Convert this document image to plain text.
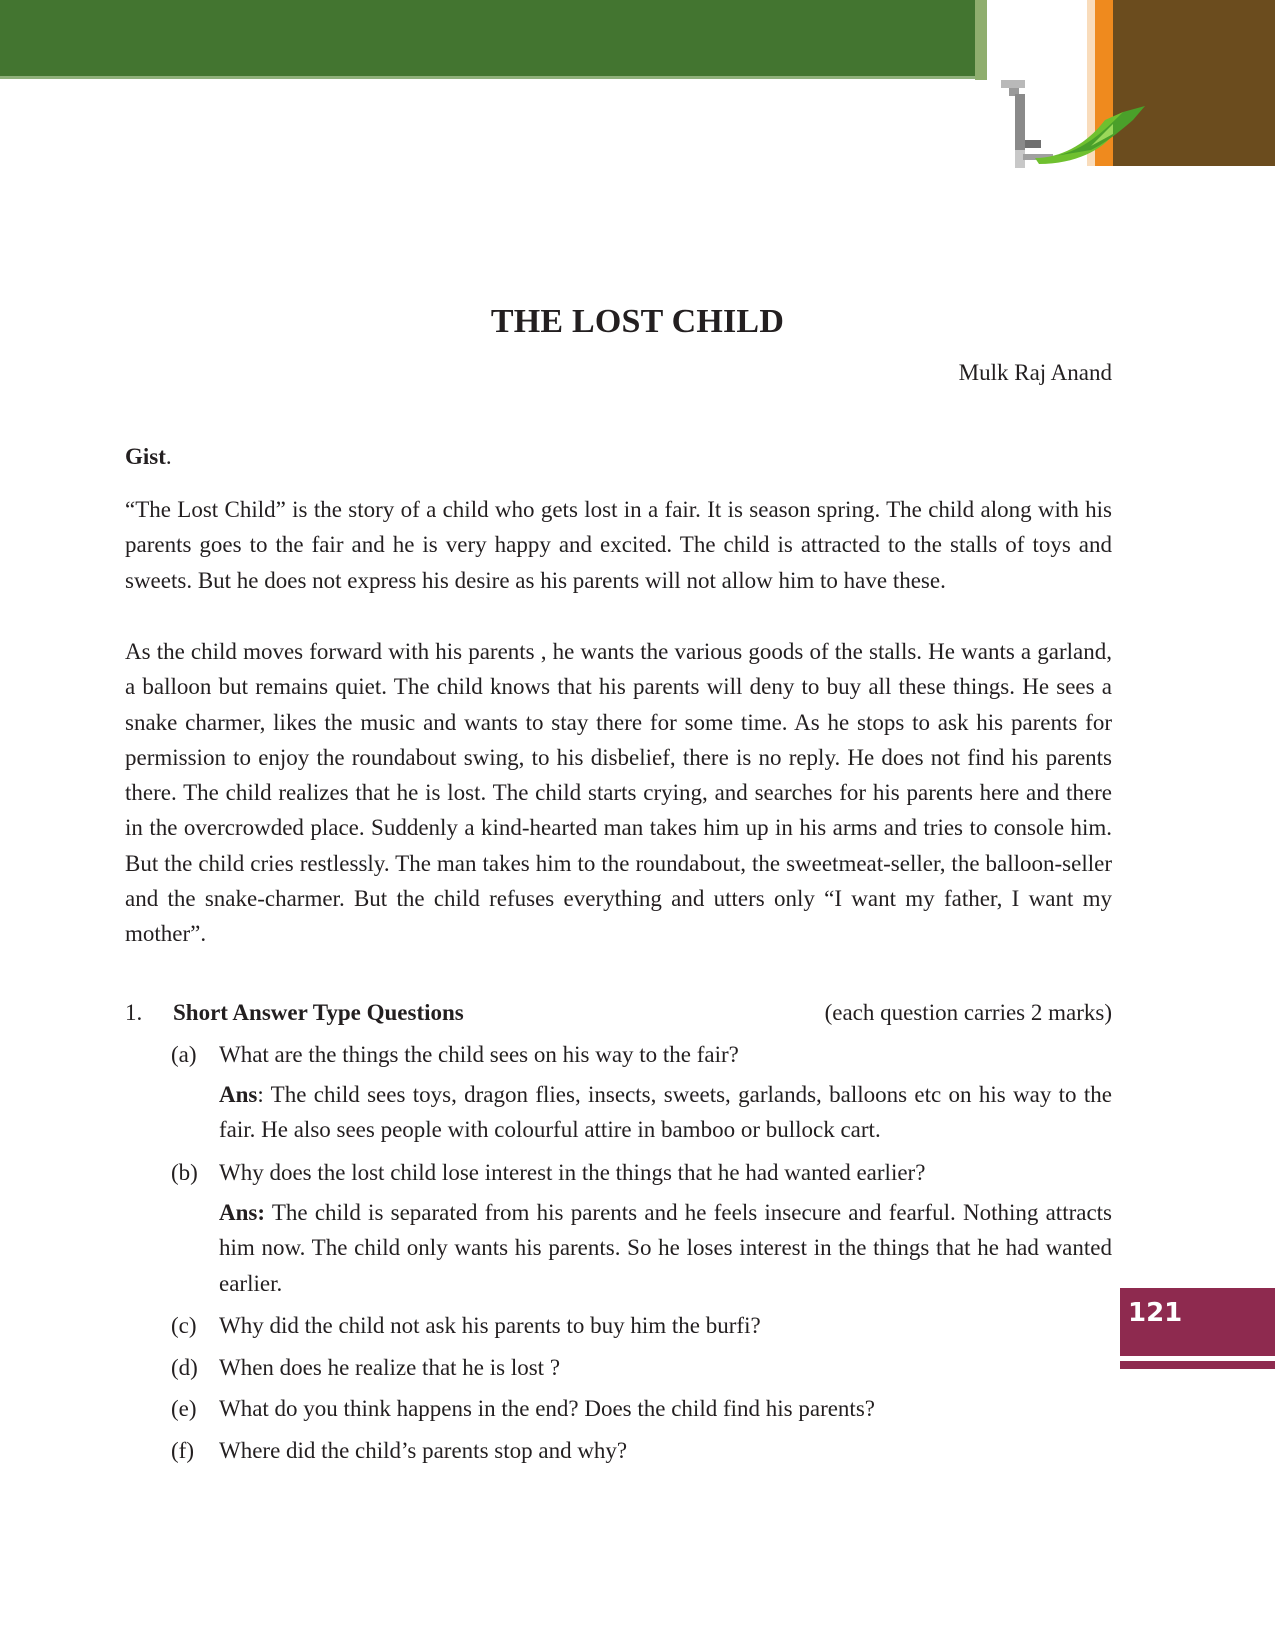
THE LOST CHILD

Mulk Raj Anand

Gist.

“The Lost Child” is the story of a child who gets lost in a fair. It is season spring. The child along with his parents goes to the fair and he is very happy and excited. The child is attracted to the stalls of toys and sweets. But he does not express his desire as his parents will not allow him to have these.

As the child moves forward with his parents , he wants the various goods of the stalls. He wants a garland, a balloon but remains quiet. The child knows that his parents will deny to buy all these things. He sees a snake charmer, likes the music and wants to stay there for some time. As he stops to ask his parents for permission to enjoy the roundabout swing, to his disbelief, there is no reply. He does not find his parents there. The child realizes that he is lost. The child starts crying, and searches for his parents here and there in the overcrowded place. Suddenly a kind-hearted man takes him up in his arms and tries to console him. But the child cries restlessly. The man takes him to the roundabout, the sweetmeat-seller, the balloon-seller and the snake-charmer. But the child refuses everything and utters only “I want my father, I want my mother”.

1. Short Answer Type Questions	(each question carries 2 marks)
(a) What are the things the child sees on his way to the fair?

Ans: The child sees toys, dragon flies, insects, sweets, garlands, balloons etc on his way to the fair. He also sees people with colourful attire in bamboo or bullock cart.

(b) Why does the lost child lose interest in the things that he had wanted earlier?

Ans: The child is separated from his parents and he feels insecure and fearful. Nothing attracts him now. The child only wants his parents. So he loses interest in the things that he had wanted earlier.

(c) Why did the child not ask his parents to buy him the burfi?
(d) When does he realize that he is lost ?
(e) What do you think happens in the end? Does the child find his parents?
(f) Where did the child’s parents stop and why?
121
